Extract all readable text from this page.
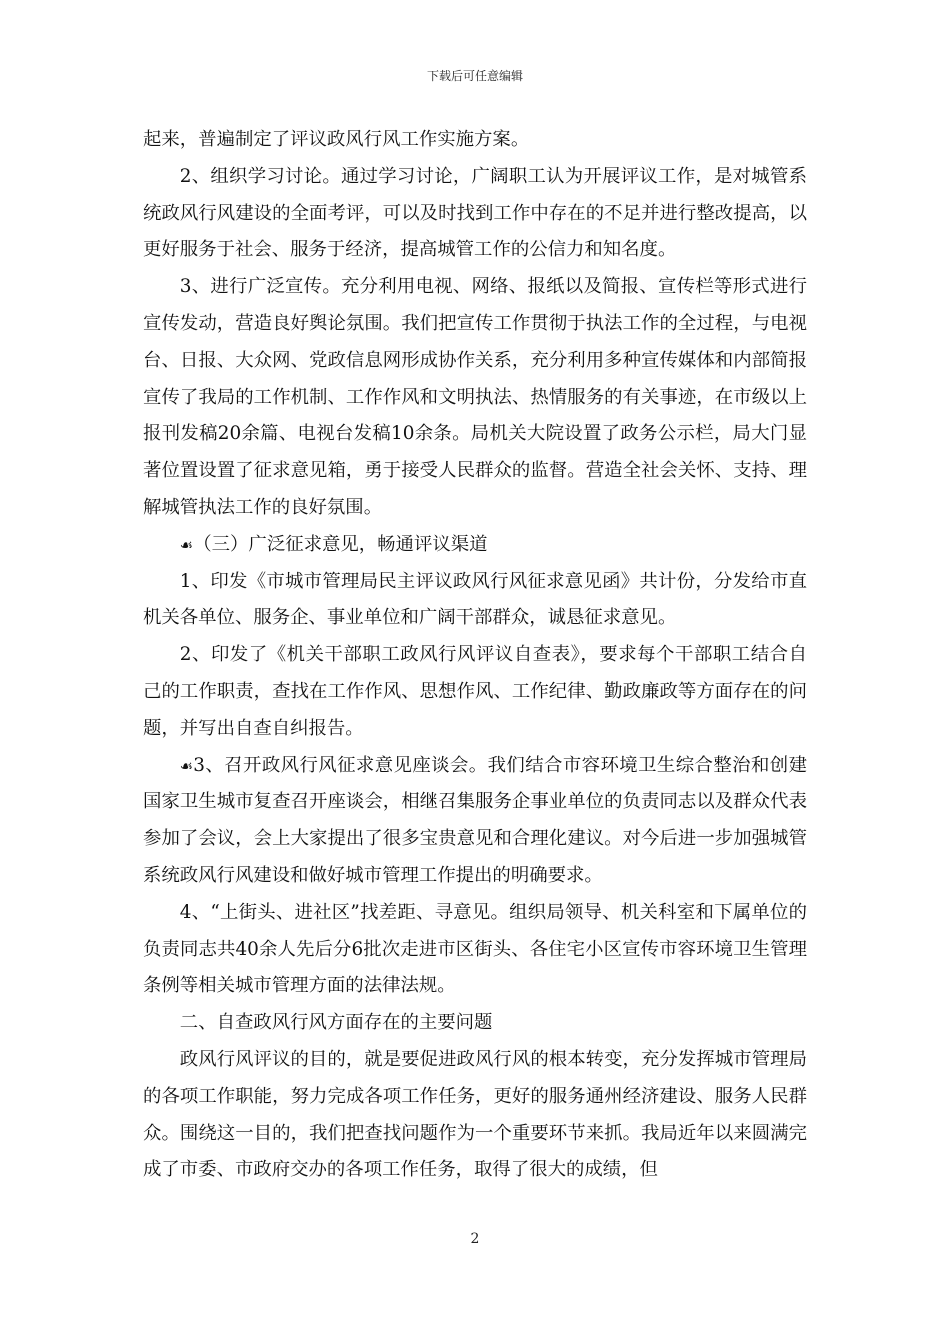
下载后可任意编辑

起来，普遍制定了评议政风行风工作实施方案。

2、组织学习讨论。通过学习讨论，广阔职工认为开展评议工作，是对城管系统政风行风建设的全面考评，可以及时找到工作中存在的不足并进行整改提高，以更好服务于社会、服务于经济，提高城管工作的公信力和知名度。

3、进行广泛宣传。充分利用电视、网络、报纸以及简报、宣传栏等形式进行宣传发动，营造良好舆论氛围。我们把宣传工作贯彻于执法工作的全过程，与电视台、日报、大众网、党政信息网形成协作关系，充分利用多种宣传媒体和内部简报宣传了我局的工作机制、工作作风和文明执法、热情服务的有关事迹，在市级以上报刊发稿20余篇、电视台发稿10余条。局机关大院设置了政务公示栏，局大门显著位置设置了征求意见箱，勇于接受人民群众的监督。营造全社会关怀、支持、理解城管执法工作的良好氛围。

☙（三）广泛征求意见，畅通评议渠道

1、印发《市城市管理局民主评议政风行风征求意见函》共计份，分发给市直机关各单位、服务企、事业单位和广阔干部群众，诚恳征求意见。

2、印发了《机关干部职工政风行风评议自查表》，要求每个干部职工结合自己的工作职责，查找在工作作风、思想作风、工作纪律、勤政廉政等方面存在的问题，并写出自查自纠报告。

☙3、召开政风行风征求意见座谈会。我们结合市容环境卫生综合整治和创建国家卫生城市复查召开座谈会，相继召集服务企事业单位的负责同志以及群众代表参加了会议，会上大家提出了很多宝贵意见和合理化建议。对今后进一步加强城管系统政风行风建设和做好城市管理工作提出的明确要求。

4、“上街头、进社区”找差距、寻意见。组织局领导、机关科室和下属单位的负责同志共40余人先后分6批次走进市区街头、各住宅小区宣传市容环境卫生管理条例等相关城市管理方面的法律法规。

二、自查政风行风方面存在的主要问题

政风行风评议的目的，就是要促进政风行风的根本转变，充分发挥城市管理局的各项工作职能，努力完成各项工作任务，更好的服务通州经济建设、服务人民群众。围绕这一目的，我们把查找问题作为一个重要环节来抓。我局近年以来圆满完成了市委、市政府交办的各项工作任务，取得了很大的成绩，但

2
